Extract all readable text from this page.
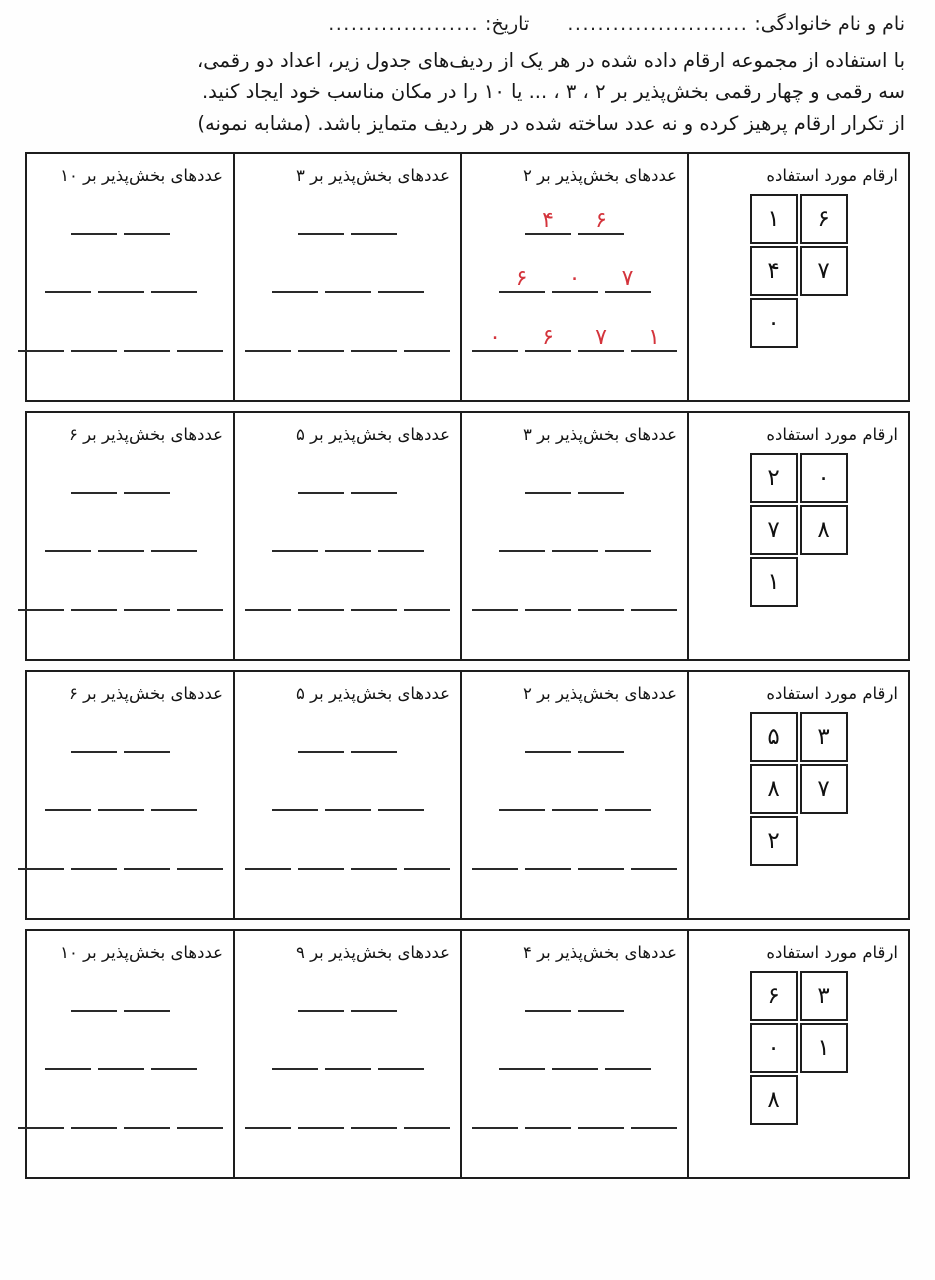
نام و نام خانوادگی: ........................  تاریخ: ....................

با استفاده از مجموعه ارقام داده شده در هر یک از ردیف‌های جدول زیر، اعداد دو رقمی،

سه رقمی و چهار رقمی بخش‌پذیر بر ۲ ، ۳ ، ... یا ۱۰ را در مکان مناسب خود ایجاد کنید.

از تکرار ارقام پرهیز کرده و نه عدد ساخته شده در هر ردیف متمایز باشد. (مشابه نمونه)

ارقام مورد استفاده
۶
۱
۷
۴
۰
عددهای بخش‌پذیر بر ۲
۶
۴
۷
۰
۶
۱
۷
۶
۰
عددهای بخش‌پذیر بر ۳
عددهای بخش‌پذیر بر ۱۰
ارقام مورد استفاده
۰
۲
۸
۷
۱
عددهای بخش‌پذیر بر ۳
عددهای بخش‌پذیر بر ۵
عددهای بخش‌پذیر بر ۶
ارقام مورد استفاده
۳
۵
۷
۸
۲
عددهای بخش‌پذیر بر ۲
عددهای بخش‌پذیر بر ۵
عددهای بخش‌پذیر بر ۶
ارقام مورد استفاده
۳
۶
۱
۰
۸
عددهای بخش‌پذیر بر ۴
عددهای بخش‌پذیر بر ۹
عددهای بخش‌پذیر بر ۱۰
